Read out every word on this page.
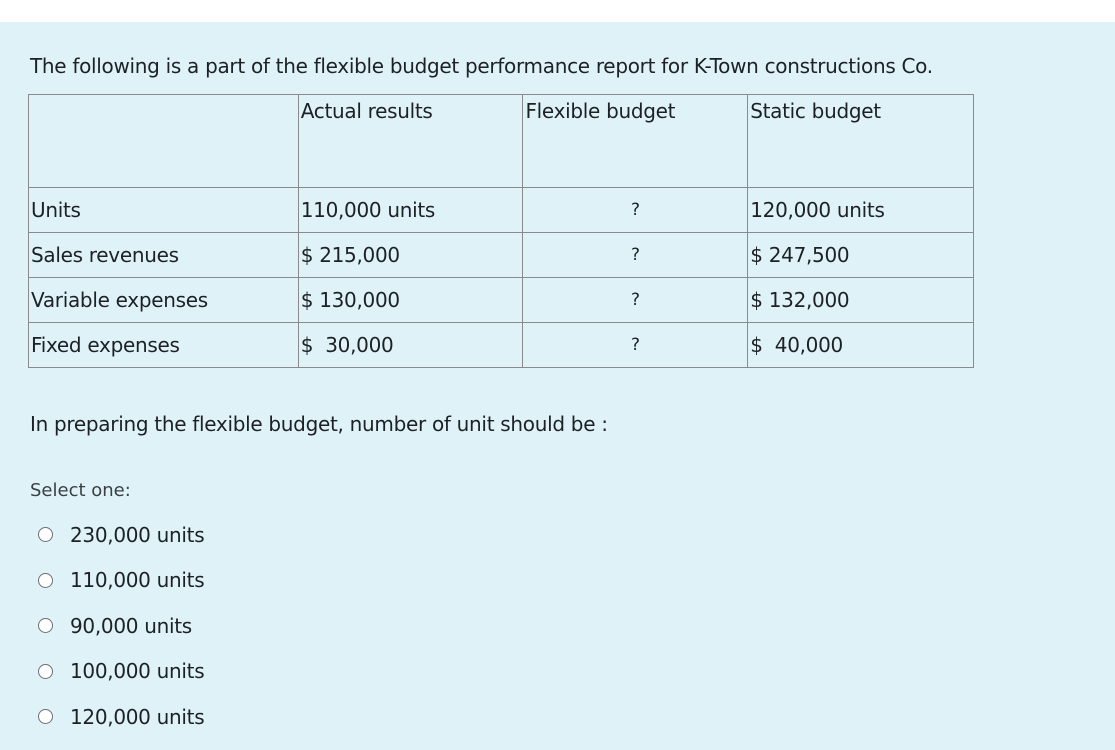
The following is a part of the flexible budget performance report for K-Town constructions Co.
	Actual results	Flexible budget	Static budget
Units	110,000 units	?	120,000 units
Sales revenues	$ 215,000	?	$ 247,500
Variable expenses	$ 130,000	?	$ 132,000
Fixed expenses	$  30,000	?	$  40,000
In preparing the flexible budget, number of unit should be :
Select one:
230,000 units
110,000 units
90,000 units
100,000 units
120,000 units
